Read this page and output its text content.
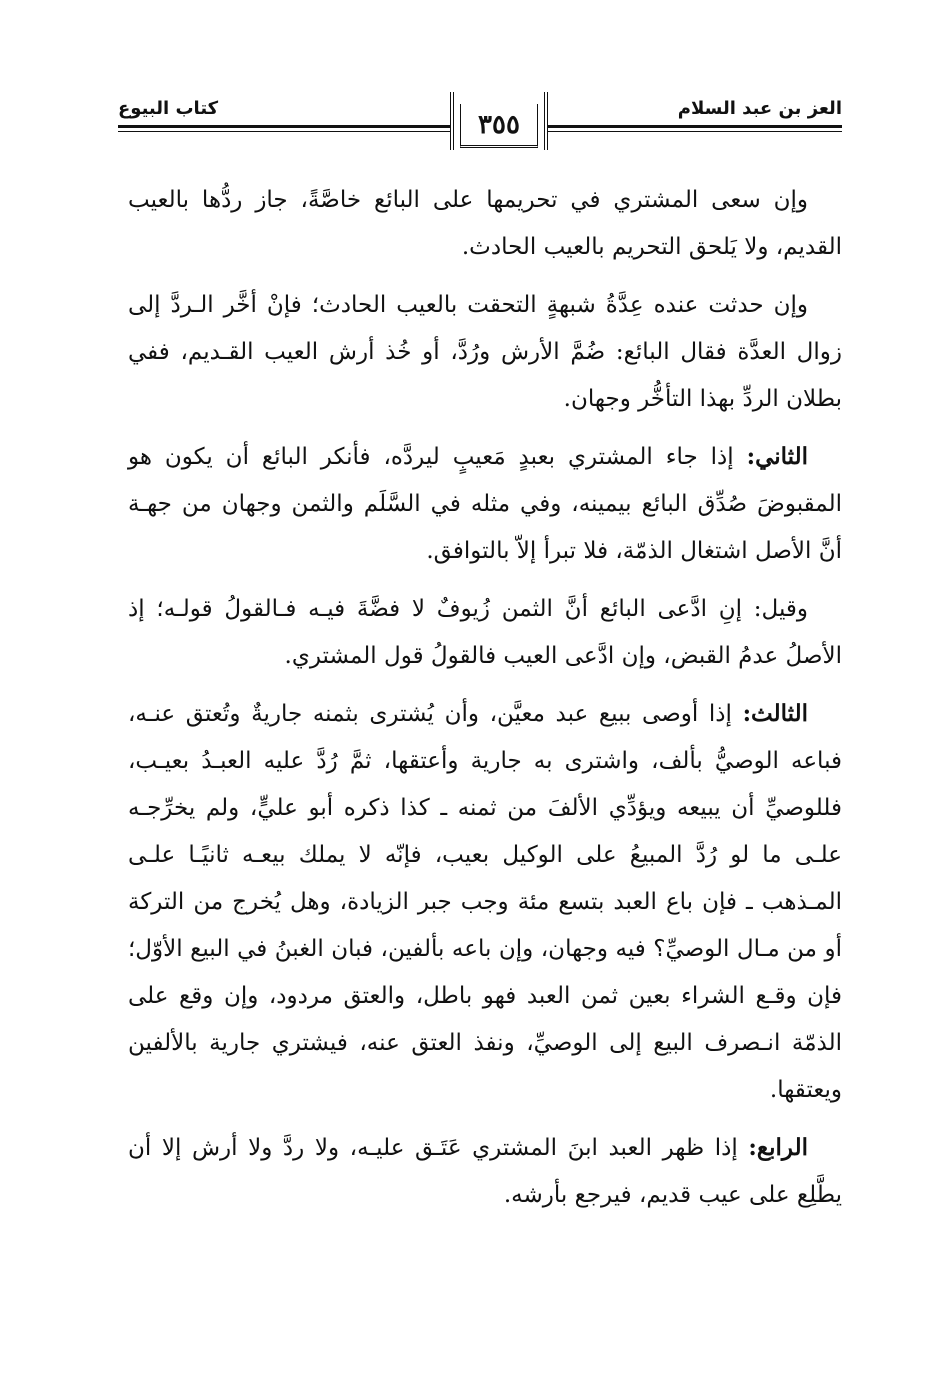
العز بن عبد السلام
٣٥٥
كتاب البيوع

وإن سعى المشتري في تحريمها على البائع خاصَّةً، جاز ردُّها بالعيب القديم، ولا يَلحق التحريم بالعيب الحادث.

وإن حدثت عنده عِدَّةُ شبهةٍ التحقت بالعيب الحادث؛ فإنْ أخَّر الـردَّ إلى زوال العدَّة فقال البائع: ضُمَّ الأرش ورُدَّ، أو خُذ أرش العيب القـديم، ففي بطلان الردِّ بهذا التأخُّر وجهان.

الثاني: إذا جاء المشتري بعبدٍ مَعيبٍ ليردَّه، فأنكر البائع أن يكون هو المقبوضَ صُدِّق البائع بيمينه، وفي مثله في السَّلَم والثمن وجهان من جهـة أنَّ الأصل اشتغال الذمّة، فلا تبرأ إلاّ بالتوافق.

وقيل: إنِ ادَّعى البائع أنَّ الثمن زُيوفٌ لا فضَّةَ فيـه فـالقولُ قولـه؛ إذ الأصلُ عدمُ القبض، وإن ادَّعى العيب فالقولُ قول المشتري.

الثالث: إذا أوصى ببيع عبد معيَّن، وأن يُشترى بثمنه جاريةٌ وتُعتق عنـه، فباعه الوصيُّ بألف، واشترى به جارية وأعتقها، ثمَّ رُدَّ عليه العبـدُ بعيـب، فللوصيِّ أن يبيعه ويؤدِّي الألفَ من ثمنه ـ كذا ذكره أبو عليٍّ، ولم يخرِّجـه علـى ما لو رُدَّ المبيعُ على الوكيل بعيب، فإنّه لا يملك بيعـه ثانيًـا علـى المـذهب ـ فإن باع العبد بتسع مئة وجب جبر الزيادة، وهل يُخرج من التركة أو من مـال الوصيِّ؟ فيه وجهان، وإن باعه بألفين، فبان الغبنُ في البيع الأوّل؛ فإن وقـع الشراء بعين ثمن العبد فهو باطل، والعتق مردود، وإن وقع على الذمّة انـصرف البيع إلى الوصيِّ، ونفذ العتق عنه، فيشتري جارية بالألفين ويعتقها.

الرابع: إذا ظهر العبد ابنَ المشتري عَتَـق عليـه، ولا ردَّ ولا أرش إلا أن يطَّلِع على عيب قديم، فيرجع بأرشه.
